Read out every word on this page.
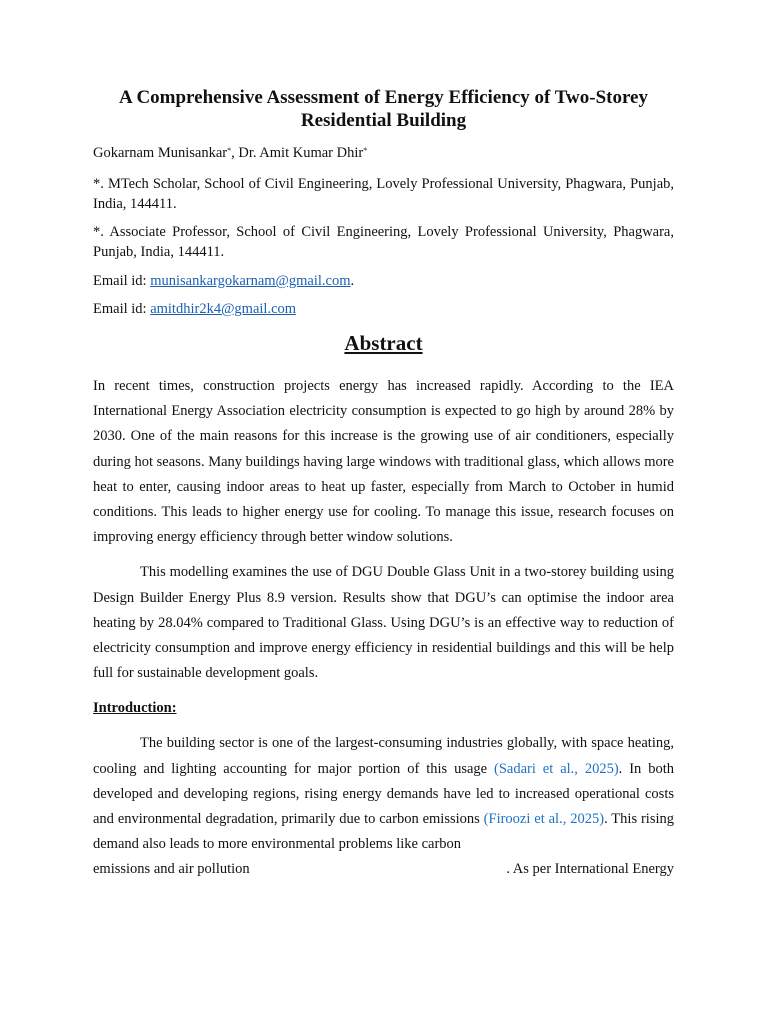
A Comprehensive Assessment of Energy Efficiency of Two-Storey
Residential Building
Gokarnam Munisankar*, Dr. Amit Kumar Dhir*
*. MTech Scholar, School of Civil Engineering, Lovely Professional University, Phagwara, Punjab, India, 144411.
*. Associate Professor, School of Civil Engineering, Lovely Professional University, Phagwara, Punjab, India, 144411.
Email id: munisankargokarnam@gmail.com.
Email id: amitdhir2k4@gmail.com
Abstract

In recent times, construction projects energy has increased rapidly. According to the IEA International Energy Association electricity consumption is expected to go high by around 28% by 2030. One of the main reasons for this increase is the growing use of air conditioners, especially during hot seasons. Many buildings having large windows with traditional glass, which allows more heat to enter, causing indoor areas to heat up faster, especially from March to October in humid conditions. This leads to higher energy use for cooling. To manage this issue, research focuses on improving energy efficiency through better window solutions.

This modelling examines the use of DGU Double Glass Unit in a two-storey building using Design Builder Energy Plus 8.9 version. Results show that DGU’s can optimise the indoor area heating by 28.04% compared to Traditional Glass. Using DGU’s is an effective way to reduction of electricity consumption and improve energy efficiency in residential buildings and this will be help full for sustainable development goals.

Introduction:

The building sector is one of the largest-consuming industries globally, with space heating, cooling and lighting accounting for major portion of this usage (Sadari et al., 2025). In both developed and developing regions, rising energy demands have led to increased operational costs and environmental degradation, primarily due to carbon emissions (Firoozi et al., 2025). This rising demand also leads to more environmental problems like carbon

emissions and air pollution	. As per International Energy
